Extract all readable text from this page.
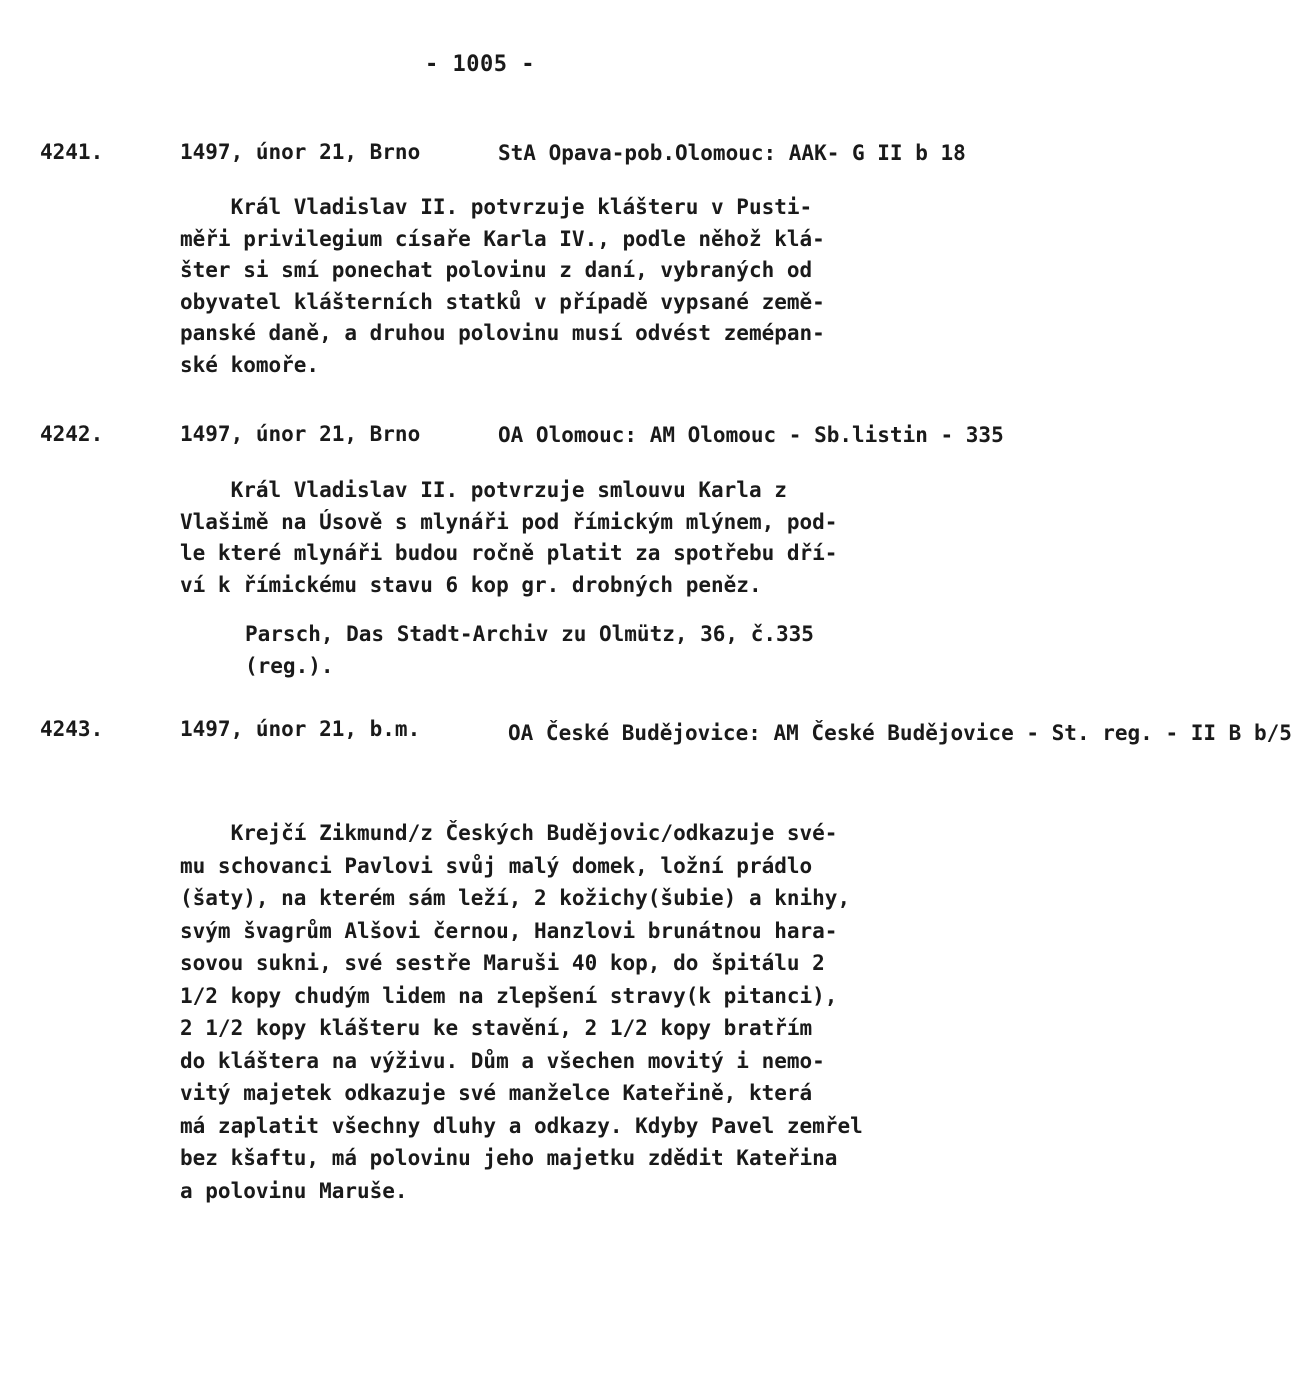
- 1005 -
4241.	1497, únor 21, Brno	StA Opava-pob.Olomouc: AAK- G II b 18
Král Vladislav II. potvrzuje klášteru v Pusti-
měři privilegium císaře Karla IV., podle něhož klá-
šter si smí ponechat polovinu z daní, vybraných od
obyvatel klášterních statků v případě vypsané země-
panské daně, a druhou polovinu musí odvést zemépan-
ské komoře.
4242.	1497, únor 21, Brno	OA Olomouc: AM Olomouc - Sb.listin - 335
Král Vladislav II. potvrzuje smlouvu Karla z
Vlašimě na Úsově s mlynáři pod římickým mlýnem, pod-
le které mlynáři budou ročně platit za spotřebu dří-
ví k římickému stavu 6 kop gr. drobných peněz.
Parsch, Das Stadt-Archiv zu Olmütz, 36, č.335
(reg.).
4243.	1497, únor 21, b.m.	OA České Budějovice: AM České Budějovice - St. reg. - II B b/5
Krejčí Zikmund/z Českých Budějovic/odkazuje své-
mu schovanci Pavlovi svůj malý domek, ložní prádlo
(šaty), na kterém sám leží, 2 kožichy(šubie) a knihy,
svým švagrům Alšovi černou, Hanzlovi brunátnou hara-
sovou sukni, své sestře Maruši 40 kop, do špitálu 2
1/2 kopy chudým lidem na zlepšení stravy(k pitanci),
2 1/2 kopy klášteru ke stavění, 2 1/2 kopy bratřím
do kláštera na výživu. Dům a všechen movitý i nemo-
vitý majetek odkazuje své manželce Kateřině, která
má zaplatit všechny dluhy a odkazy. Kdyby Pavel zemřel
bez kšaftu, má polovinu jeho majetku zdědit Kateřina
a polovinu Maruše.
